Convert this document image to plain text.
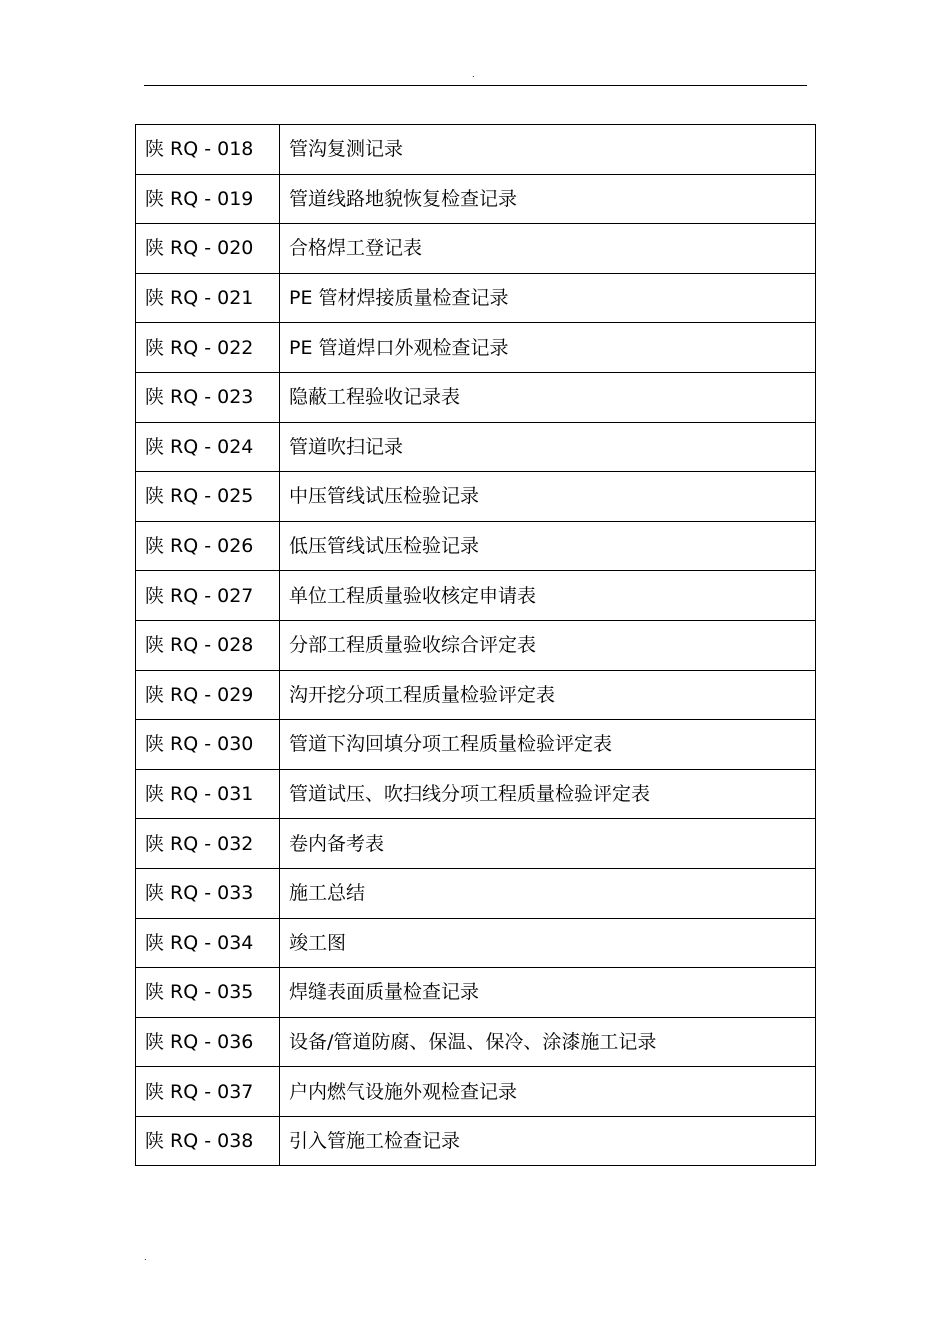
.
陕 RQ - 018	管沟复测记录
陕 RQ - 019	管道线路地貌恢复检查记录
陕 RQ - 020	合格焊工登记表
陕 RQ - 021	PE 管材焊接质量检查记录
陕 RQ - 022	PE 管道焊口外观检查记录
陕 RQ - 023	隐蔽工程验收记录表
陕 RQ - 024	管道吹扫记录
陕 RQ - 025	中压管线试压检验记录
陕 RQ - 026	低压管线试压检验记录
陕 RQ - 027	单位工程质量验收核定申请表
陕 RQ - 028	分部工程质量验收综合评定表
陕 RQ - 029	沟开挖分项工程质量检验评定表
陕 RQ - 030	管道下沟回填分项工程质量检验评定表
陕 RQ - 031	管道试压、吹扫线分项工程质量检验评定表
陕 RQ - 032	卷内备考表
陕 RQ - 033	施工总结
陕 RQ - 034	竣工图
陕 RQ - 035	焊缝表面质量检查记录
陕 RQ - 036	设备/管道防腐、保温、保冷、涂漆施工记录
陕 RQ - 037	户内燃气设施外观检查记录
陕 RQ - 038	引入管施工检查记录
.
